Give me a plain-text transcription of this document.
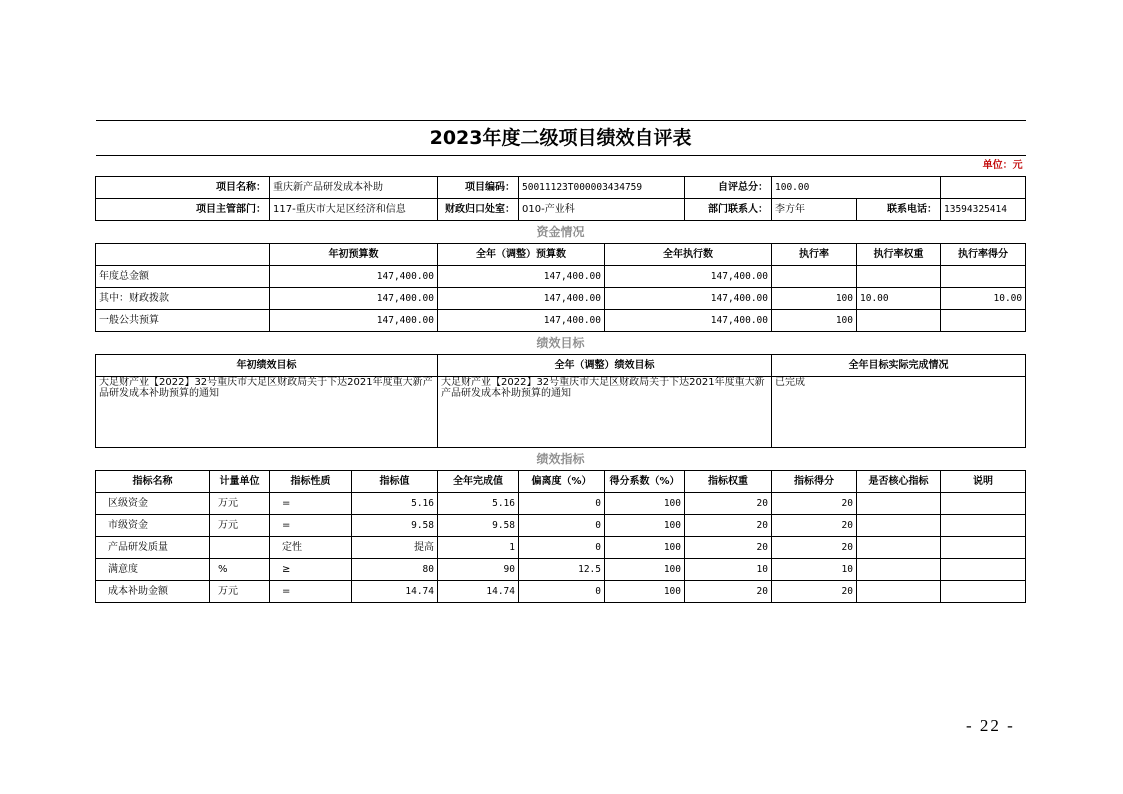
2023年度二级项目绩效自评表										
单位：元										
项目名称：		重庆新产品研发成本补助		项目编码：	50011123T000003434759		自评总分：	100.00		
项目主管部门：		117-重庆市大足区经济和信息		财政归口处室：	010-产业科		部门联系人：	李方年	联系电话：	13594325414
资金情况										
		年初预算数		全年（调整）预算数		全年执行数		执行率	执行率权重	执行率得分
年度总金额		147,400.00		147,400.00		147,400.00				
其中：财政拨款		147,400.00		147,400.00		147,400.00		100	10.00	10.00
一般公共预算		147,400.00		147,400.00		147,400.00		100		
绩效目标										
年初绩效目标				全年（调整）绩效目标				全年目标实际完成情况		
大足财产业【2022】32号重庆市大足区财政局关于下达2021年度重大新产品研发成本补助预算的通知				大足财产业【2022】32号重庆市大足区财政局关于下达2021年度重大新产品研发成本补助预算的通知				已完成		
绩效指标										
指标名称	计量单位	指标性质	指标值	全年完成值	偏离度（%）	得分系数（%）	指标权重	指标得分	是否核心指标	说明
区级资金	万元	=	5.16	5.16	0	100	20	20		
市级资金	万元	=	9.58	9.58	0	100	20	20		
产品研发质量		定性	提高	1	0	100	20	20		
满意度	%	≥	80	90	12.5	100	10	10		
成本补助金额	万元	=	14.74	14.74	0	100	20	20		
- 22 -
